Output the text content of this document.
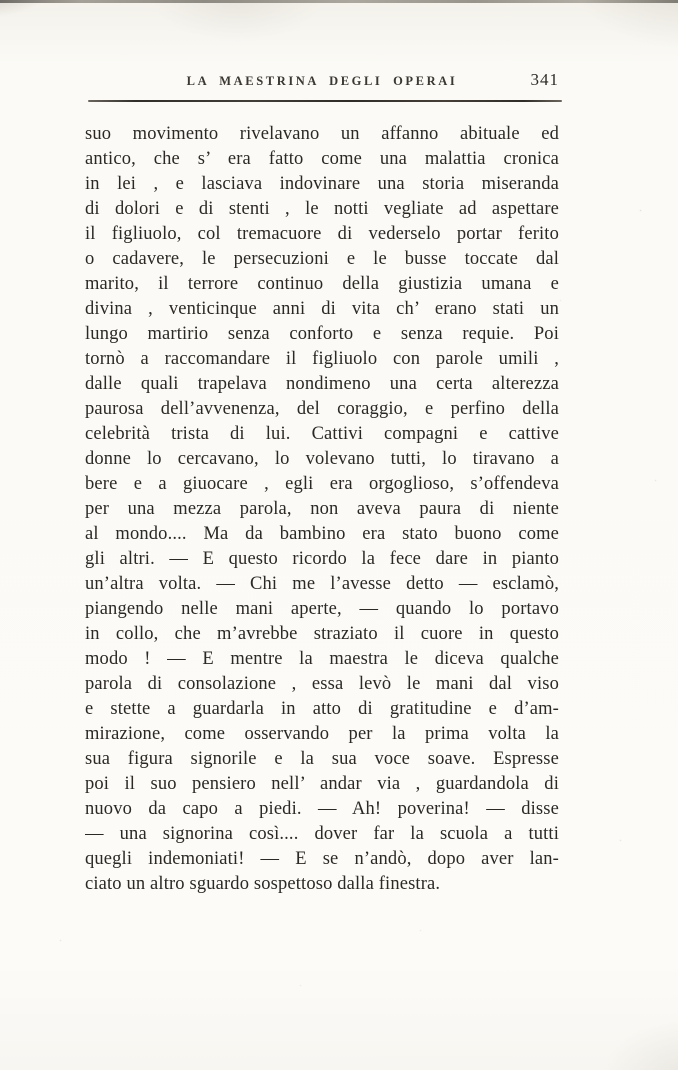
LA MAESTRINA DEGLI OPERAI	341
suo movimento rivelavano un affanno abituale ed
antico, che s’ era fatto come una malattia cronica
in lei , e lasciava indovinare una storia miseranda
di dolori e di stenti , le notti vegliate ad aspettare
il figliuolo, col tremacuore di vederselo portar ferito
o cadavere, le persecuzioni e le busse toccate dal
marito, il terrore continuo della giustizia umana e
divina , venticinque anni di vita ch’ erano stati un
lungo martirio senza conforto e senza requie. Poi
tornò a raccomandare il figliuolo con parole umili ,
dalle quali trapelava nondimeno una certa alterezza
paurosa dell’avvenenza, del coraggio, e perfino della
celebrità trista di lui. Cattivi compagni e cattive
donne lo cercavano, lo volevano tutti, lo tiravano a
bere e a giuocare , egli era orgoglioso, s’offendeva
per una mezza parola, non aveva paura di niente
al mondo.... Ma da bambino era stato buono come
gli altri. — E questo ricordo la fece dare in pianto
un’altra volta. — Chi me l’avesse detto — esclamò,
piangendo nelle mani aperte, — quando lo portavo
in collo, che m’avrebbe straziato il cuore in questo
modo ! — E mentre la maestra le diceva qualche
parola di consolazione , essa levò le mani dal viso
e stette a guardarla in atto di gratitudine e d’am-
mirazione, come osservando per la prima volta la
sua figura signorile e la sua voce soave. Espresse
poi il suo pensiero nell’ andar via , guardandola di
nuovo da capo a piedi. — Ah! poverina! — disse
— una signorina così.... dover far la scuola a tutti
quegli indemoniati! — E se n’andò, dopo aver lan-
ciato un altro sguardo sospettoso dalla finestra.
